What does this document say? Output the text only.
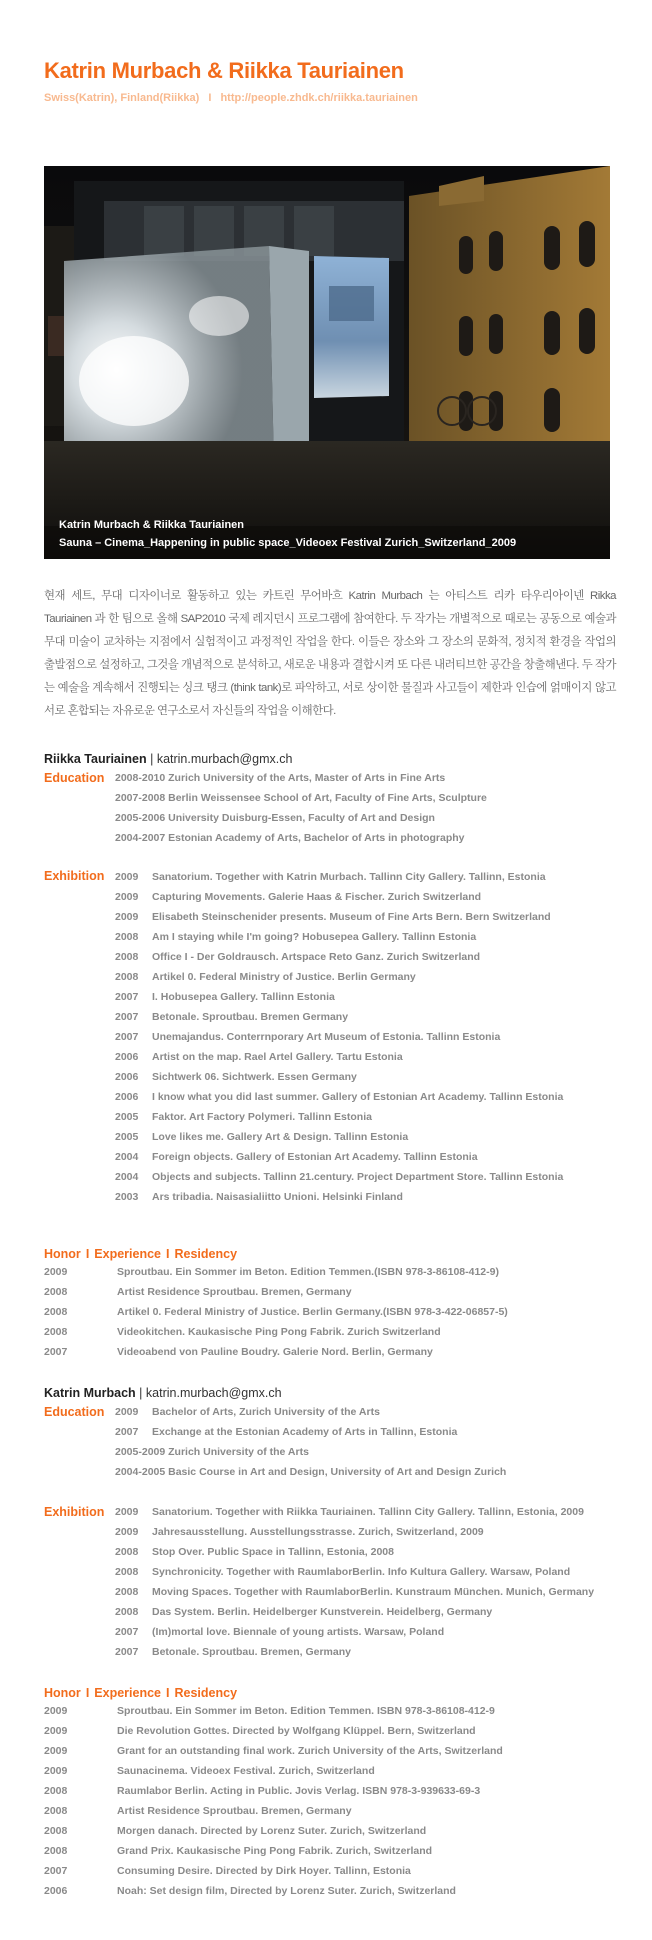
Katrin Murbach & Riikka Tauriainen
Swiss(Katrin), Finland(Riikka) I http://people.zhdk.ch/riikka.tauriainen
Katrin Murbach & Riikka Tauriainen
Sauna – Cinema_Happening in public space_Videoex Festival Zurich_Switzerland_2009
현재 세트, 무대 디자이너로 활동하고 있는 카트린 무어바흐 Katrin Murbach 는 아티스트 리카 타우리아이넨 Rikka Tauriainen 과 한 팀으로 올해 SAP2010 국제 레지던시 프로그램에 참여한다. 두 작가는 개별적으로 때로는 공동으로 예술과 무대 미술이 교차하는 지점에서 실험적이고 과정적인 작업을 한다. 이들은 장소와 그 장소의 문화적, 정치적 환경을 작업의 출발점으로 설정하고, 그것을 개념적으로 분석하고, 새로운 내용과 결합시켜 또 다른 내러티브한 공간을 창출해낸다. 두 작가는 예술을 계속해서 진행되는 싱크 탱크 (think tank)로 파악하고, 서로 상이한 물질과 사고들이 제한과 인습에 얽매이지 않고 서로 혼합되는 자유로운 연구소로서 자신들의 작업을 이해한다.
Riikka Tauriainen | katrin.murbach@gmx.ch
Education 2008-2010 Zurich University of the Arts, Master of Arts in Fine Arts
2007-2008 Berlin Weissensee School of Art, Faculty of Fine Arts, Sculpture
2005-2006 University Duisburg-Essen, Faculty of Art and Design
2004-2007 Estonian Academy of Arts, Bachelor of Arts in photography
Exhibition 2009 Sanatorium. Together with Katrin Murbach. Tallinn City Gallery. Tallinn, Estonia
2009 Capturing Movements. Galerie Haas & Fischer. Zurich Switzerland
2009 Elisabeth Steinschenider presents. Museum of Fine Arts Bern. Bern Switzerland
2008 Am I staying while I'm going? Hobusepea Gallery. Tallinn Estonia
2008 Office I - Der Goldrausch. Artspace Reto Ganz. Zurich Switzerland
2008 Artikel 0. Federal Ministry of Justice. Berlin Germany
2007 I. Hobusepea Gallery. Tallinn Estonia
2007 Betonale. Sproutbau. Bremen Germany
2007 Unemajandus. Conterrnporary Art Museum of Estonia. Tallinn Estonia
2006 Artist on the map. Rael Artel Gallery. Tartu Estonia
2006 Sichtwerk 06. Sichtwerk. Essen Germany
2006 I know what you did last summer. Gallery of Estonian Art Academy. Tallinn Estonia
2005 Faktor. Art Factory Polymeri. Tallinn Estonia
2005 Love likes me. Gallery Art & Design. Tallinn Estonia
2004 Foreign objects. Gallery of Estonian Art Academy. Tallinn Estonia
2004 Objects and subjects. Tallinn 21.century. Project Department Store. Tallinn Estonia
2003 Ars tribadia. Naisasialiitto Unioni. Helsinki Finland
Honor I Experience I Residency
2009	Sproutbau. Ein Sommer im Beton. Edition Temmen.(ISBN 978-3-86108-412-9)
2008	Artist Residence Sproutbau. Bremen, Germany
2008	Artikel 0. Federal Ministry of Justice. Berlin Germany.(ISBN 978-3-422-06857-5)
2008	Videokitchen. Kaukasische Ping Pong Fabrik. Zurich Switzerland
2007	Videoabend von Pauline Boudry. Galerie Nord. Berlin, Germany
Katrin Murbach | katrin.murbach@gmx.ch
Education 2009 Bachelor of Arts, Zurich University of the Arts
2007 Exchange at the Estonian Academy of Arts in Tallinn, Estonia
2005-2009 Zurich University of the Arts
2004-2005 Basic Course in Art and Design, University of Art and Design Zurich
Exhibition 2009 Sanatorium. Together with Riikka Tauriainen. Tallinn City Gallery. Tallinn, Estonia, 2009
2009 Jahresausstellung. Ausstellungsstrasse. Zurich, Switzerland, 2009
2008 Stop Over. Public Space in Tallinn, Estonia, 2008
2008 Synchronicity. Together with RaumlaborBerlin. Info Kultura Gallery. Warsaw, Poland
2008 Moving Spaces. Together with RaumlaborBerlin. Kunstraum München. Munich, Germany
2008 Das System. Berlin. Heidelberger Kunstverein. Heidelberg, Germany
2007 (Im)mortal love. Biennale of young artists. Warsaw, Poland
2007 Betonale. Sproutbau. Bremen, Germany
Honor I Experience I Residency
2009	Sproutbau. Ein Sommer im Beton. Edition Temmen. ISBN 978-3-86108-412-9
2009	Die Revolution Gottes. Directed by Wolfgang Klüppel. Bern, Switzerland
2009	Grant for an outstanding final work. Zurich University of the Arts, Switzerland
2009	Saunacinema. Videoex Festival. Zurich, Switzerland
2008	Raumlabor Berlin. Acting in Public. Jovis Verlag. ISBN 978-3-939633-69-3
2008	Artist Residence Sproutbau. Bremen, Germany
2008	Morgen danach. Directed by Lorenz Suter. Zurich, Switzerland
2008	Grand Prix. Kaukasische Ping Pong Fabrik. Zurich, Switzerland
2007	Consuming Desire. Directed by Dirk Hoyer. Tallinn, Estonia
2006	Noah: Set design film, Directed by Lorenz Suter. Zurich, Switzerland
